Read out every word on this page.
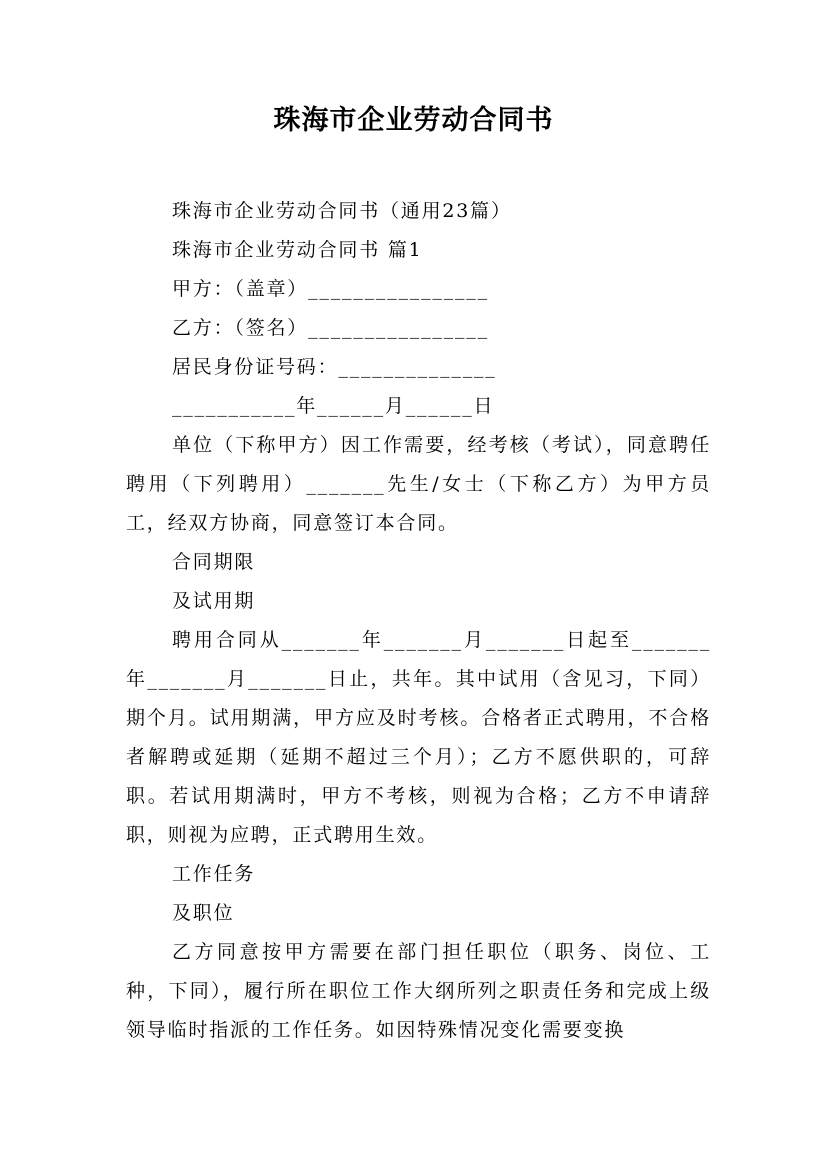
珠海市企业劳动合同书

珠海市企业劳动合同书（通用23篇）

珠海市企业劳动合同书 篇1

甲方：（盖章）________________

乙方：（签名）________________

居民身份证号码：______________

___________年______月______日

单位（下称甲方）因工作需要，经考核（考试），同意聘任聘用（下列聘用）_______先生/女士（下称乙方）为甲方员工，经双方协商，同意签订本合同。

合同期限

及试用期

聘用合同从_______年_______月_______日起至_______年_______月_______日止，共年。其中试用（含见习，下同）期个月。试用期满，甲方应及时考核。合格者正式聘用，不合格者解聘或延期（延期不超过三个月）；乙方不愿供职的，可辞职。若试用期满时，甲方不考核，则视为合格；乙方不申请辞职，则视为应聘，正式聘用生效。

工作任务

及职位

乙方同意按甲方需要在部门担任职位（职务、岗位、工种，下同），履行所在职位工作大纲所列之职责任务和完成上级领导临时指派的工作任务。如因特殊情况变化需要变换
